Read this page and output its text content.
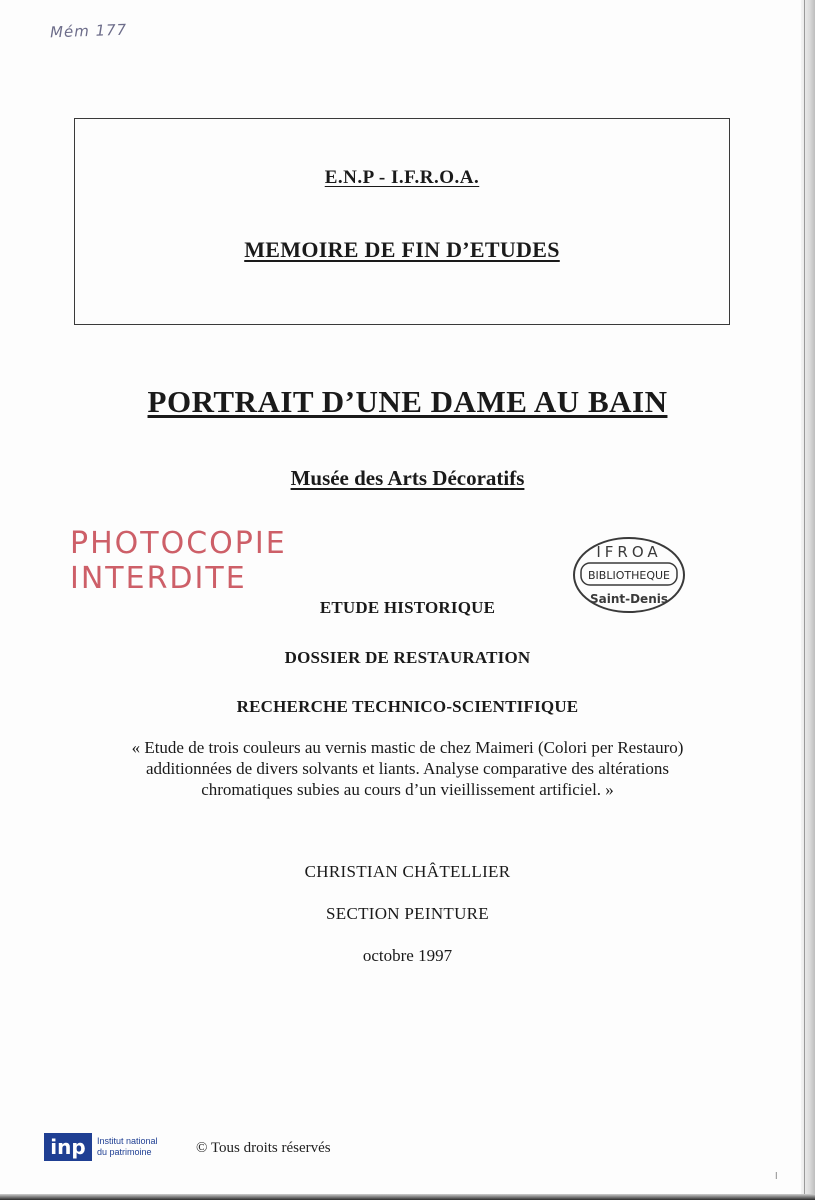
Mém 177
E.N.P - I.F.R.O.A.
MEMOIRE DE FIN D’ETUDES
PORTRAIT D’UNE DAME AU BAIN
Musée des Arts Décoratifs
PHOTOCOPIE
INTERDITE
IFROA
BIBLIOTHEQUE
Saint-Denis
ETUDE HISTORIQUE
DOSSIER DE RESTAURATION
RECHERCHE TECHNICO-SCIENTIFIQUE
« Etude de trois couleurs au vernis mastic de chez Maimeri (Colori per Restauro)
additionnées de divers solvants et liants. Analyse comparative des altérations
chromatiques subies au cours d’un vieillissement artificiel. »
CHRISTIAN CHÂTELLIER
SECTION PEINTURE
octobre 1997
inp	Institut national
du patrimoine	© Tous droits réservés
l
